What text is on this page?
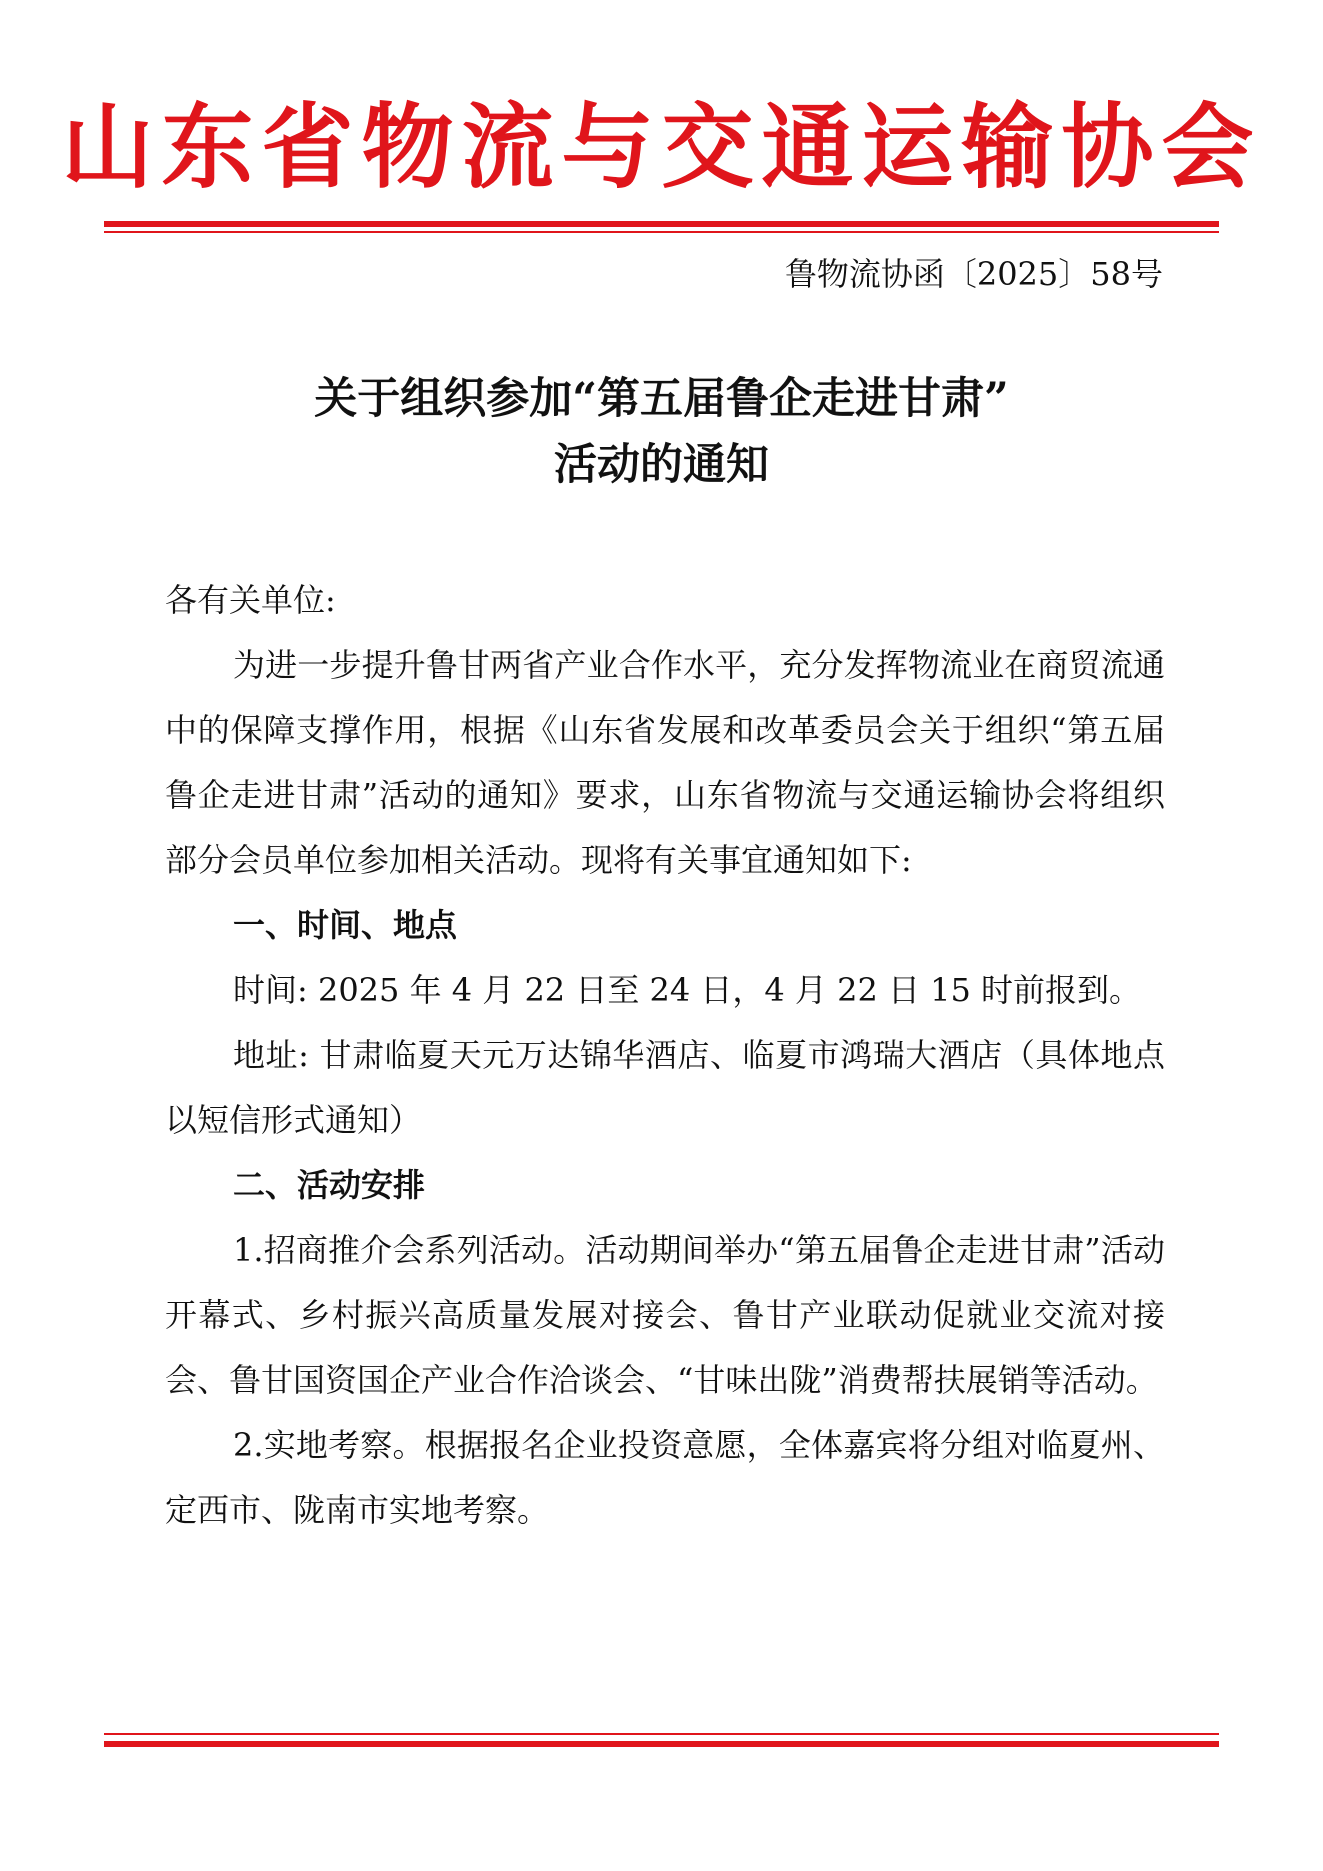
山东省物流与交通运输协会
鲁物流协函〔2025〕58号
关于组织参加“第五届鲁企走进甘肃”
活动的通知

各有关单位:

为进一步提升鲁甘两省产业合作水平，充分发挥物流业在商贸流通中的保障支撑作用，根据《山东省发展和改革委员会关于组织“第五届鲁企走进甘肃”活动的通知》要求，山东省物流与交通运输协会将组织部分会员单位参加相关活动。现将有关事宜通知如下:

一、时间、地点

时间: 2025 年 4 月 22 日至 24 日，4 月 22 日 15 时前报到。

地址: 甘肃临夏天元万达锦华酒店、临夏市鸿瑞大酒店（具体地点以短信形式通知）

二、活动安排

1.招商推介会系列活动。活动期间举办“第五届鲁企走进甘肃”活动开幕式、乡村振兴高质量发展对接会、鲁甘产业联动促就业交流对接会、鲁甘国资国企产业合作洽谈会、“甘味出陇”消费帮扶展销等活动。

2.实地考察。根据报名企业投资意愿，全体嘉宾将分组对临夏州、定西市、陇南市实地考察。
